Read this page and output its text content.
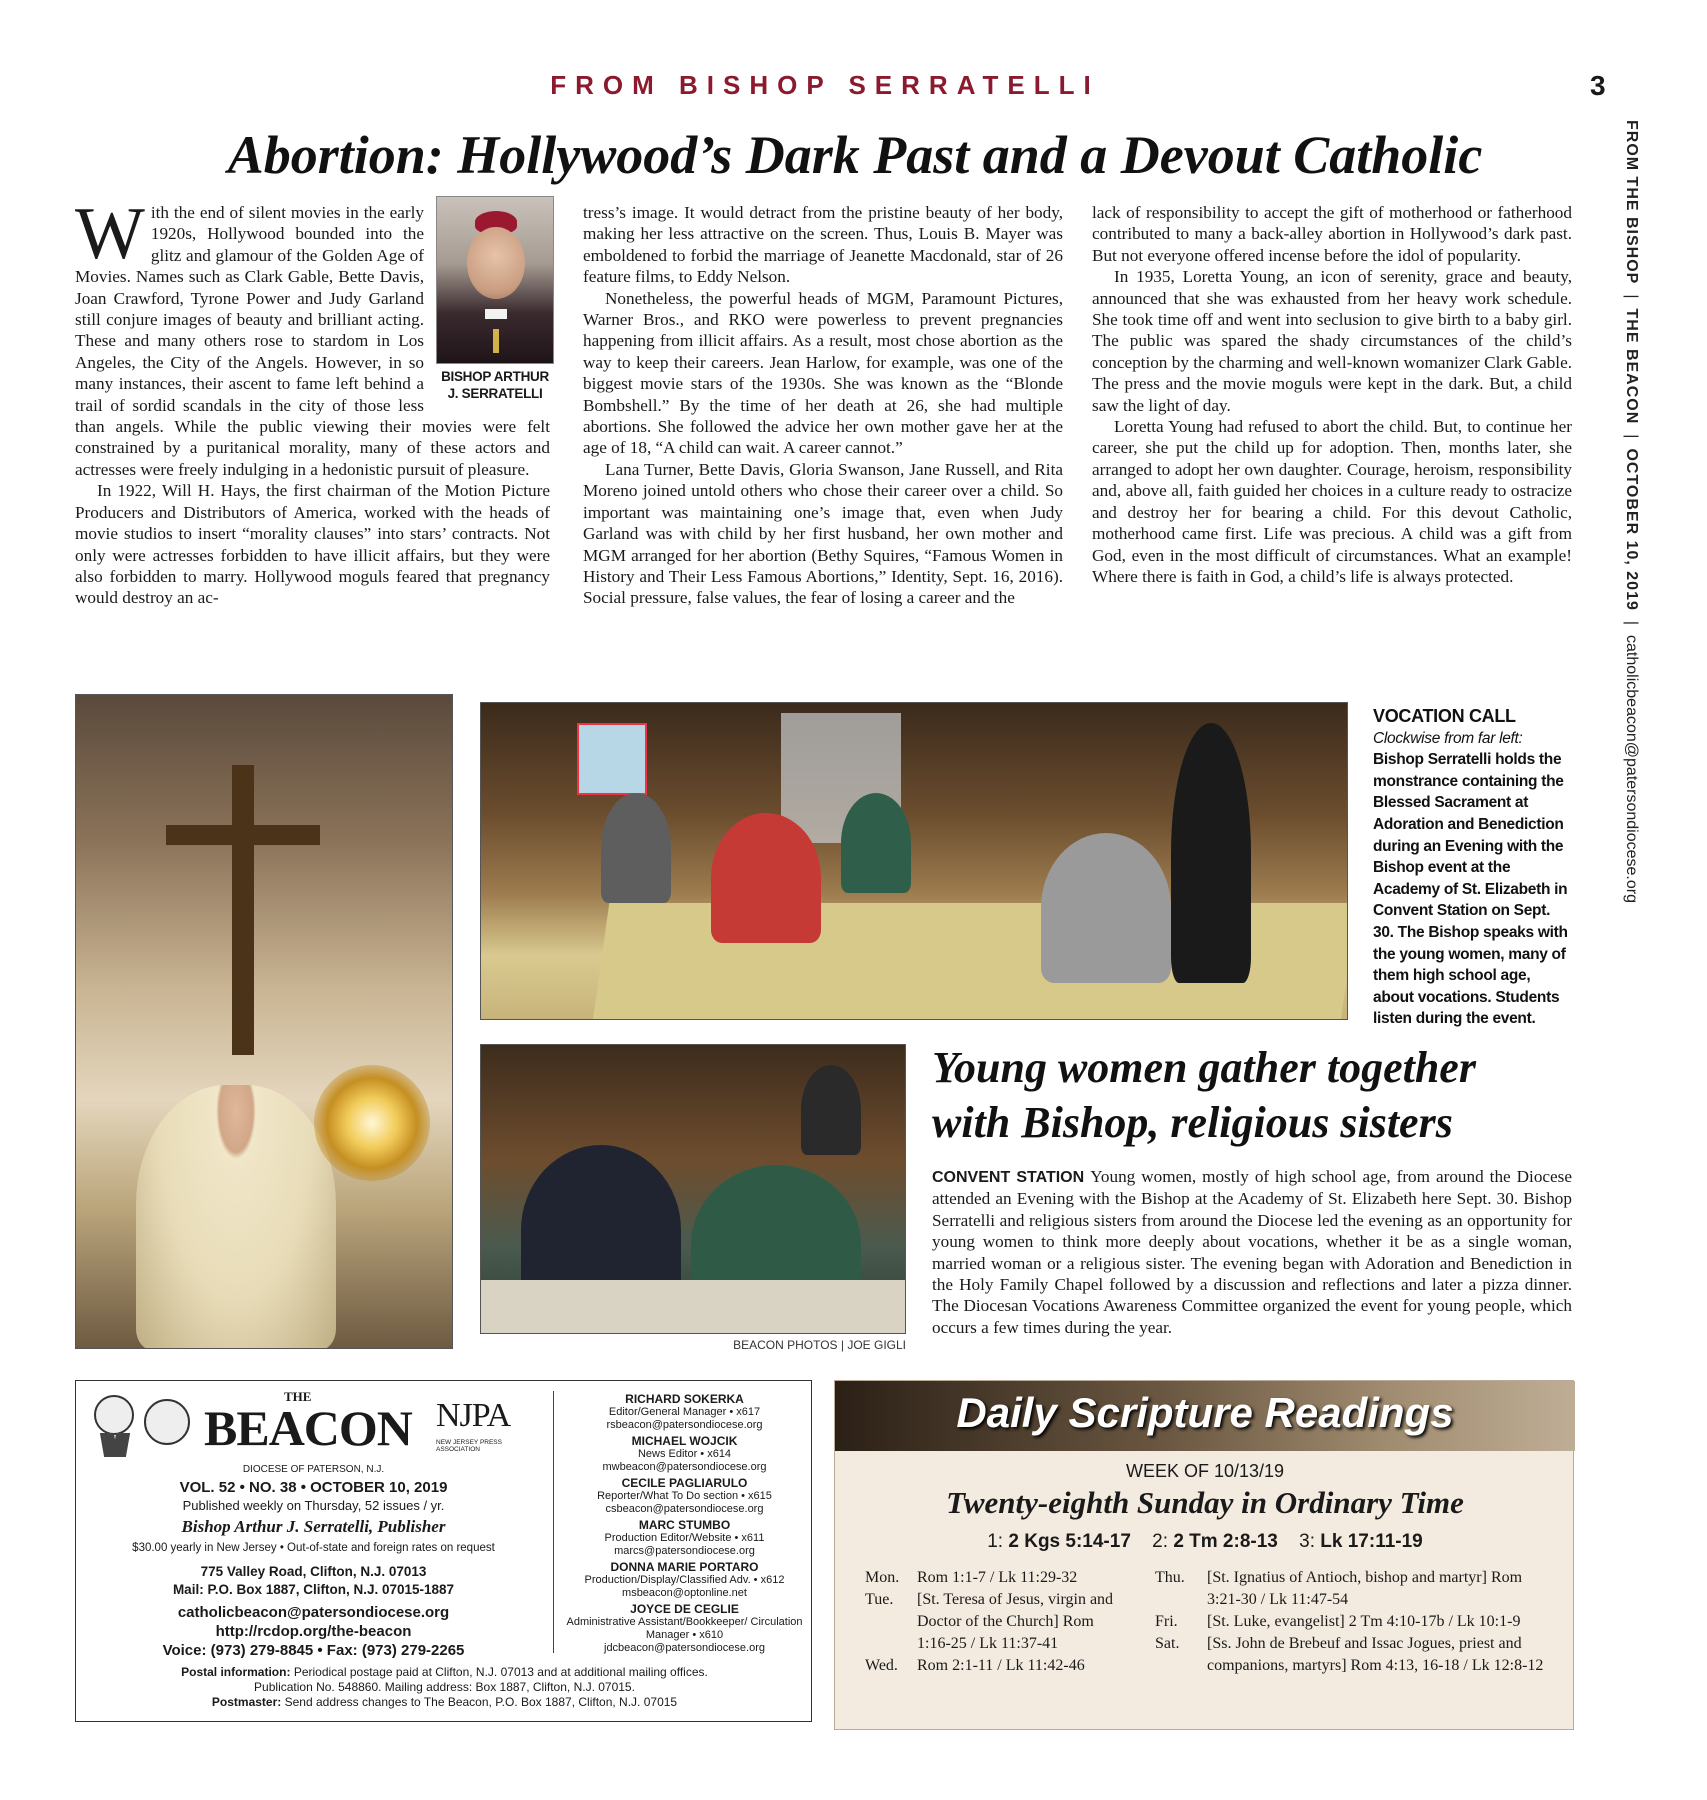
FROM BISHOP SERRATELLI	3
FROM THE BISHOP|THE BEACON|OCTOBER 10, 2019|catholicbeacon@patersondiocese.org
Abortion: Hollywood’s Dark Past and a Devout Catholic
BISHOP ARTHUR
J. SERRATELLI

With the end of silent movies in the early 1920s, Hollywood bounded into the glitz and glamour of the Golden Age of Movies. Names such as Clark Gable, Bette Davis, Joan Crawford, Tyrone Power and Judy Garland still conjure images of beauty and brilliant acting. These and many others rose to stardom in Los Angeles, the City of the Angels. However, in so many instances, their ascent to fame left behind a trail of sordid scandals in the city of those less than angels. While the public viewing their movies were felt constrained by a puritanical morality, many of these actors and actresses were freely indulging in a hedonistic pursuit of pleasure.

In 1922, Will H. Hays, the first chairman of the Motion Picture Producers and Distributors of America, worked with the heads of movie studios to insert “morality clauses” into stars’ contracts. Not only were actresses forbidden to have illicit affairs, but they were also forbidden to marry. Hollywood moguls feared that pregnancy would destroy an ac-

tress’s image. It would detract from the pristine beauty of her body, making her less attractive on the screen. Thus, Louis B. Mayer was emboldened to forbid the marriage of Jeanette Macdonald, star of 26 feature films, to Eddy Nelson.

Nonetheless, the powerful heads of MGM, Paramount Pictures, Warner Bros., and RKO were powerless to prevent pregnancies happening from illicit affairs. As a result, most chose abortion as the way to keep their careers. Jean Harlow, for example, was one of the biggest movie stars of the 1930s. She was known as the “Blonde Bombshell.” By the time of her death at 26, she had multiple abortions. She followed the advice her own mother gave her at the age of 18, “A child can wait. A career cannot.”

Lana Turner, Bette Davis, Gloria Swanson, Jane Russell, and Rita Moreno joined untold others who chose their career over a child. So important was maintaining one’s image that, even when Judy Garland was with child by her first husband, her own mother and MGM arranged for her abortion (Bethy Squires, “Famous Women in History and Their Less Famous Abortions,” Identity, Sept. 16, 2016). Social pressure, false values, the fear of losing a career and the

lack of responsibility to accept the gift of motherhood or fatherhood contributed to many a back-alley abortion in Hollywood’s dark past. But not everyone offered incense before the idol of popularity.

In 1935, Loretta Young, an icon of serenity, grace and beauty, announced that she was exhausted from her heavy work schedule. She took time off and went into seclusion to give birth to a baby girl. The public was spared the shady circumstances of the child’s conception by the charming and well-known womanizer Clark Gable. The press and the movie moguls were kept in the dark. But, a child saw the light of day.

Loretta Young had refused to abort the child. But, to continue her career, she put the child up for adoption. Then, months later, she arranged to adopt her own daughter. Courage, heroism, responsibility and, above all, faith guided her choices in a culture ready to ostracize and destroy her for bearing a child. For this devout Catholic, motherhood came first. Life was precious. A child was a gift from God, even in the most difficult of circumstances. What an example! Where there is faith in God, a child’s life is always protected.

BEACON PHOTOS | JOE GIGLI
VOCATION CALL
Clockwise from far left: Bishop Serratelli holds the monstrance containing the Blessed Sacrament at Adoration and Benediction during an Evening with the Bishop event at the Academy of St. Elizabeth in Convent Station on Sept. 30. The Bishop speaks with the young women, many of them high school age, about vocations. Students listen during the event.
Young women gather together
with Bishop, religious sisters

CONVENT STATION Young women, mostly of high school age, from around the Diocese attended an Evening with the Bishop at the Academy of St. Elizabeth here Sept. 30. Bishop Serratelli and religious sisters from around the Diocese led the evening as an opportunity for young women to think more deeply about vocations, whether it be as a single woman, married woman or a religious sister. The evening began with Adoration and Benediction in the Holy Family Chapel followed by a discussion and reflections and later a pizza dinner. The Diocesan Vocations Awareness Committee organized the event for young people, which occurs a few times during the year.

THE
BEACON NJPA
NEW JERSEY PRESS ASSOCIATION
DIOCESE OF PATERSON, N.J.
VOL. 52 • NO. 38 • OCTOBER 10, 2019
Published weekly on Thursday, 52 issues / yr.
Bishop Arthur J. Serratelli, Publisher
$30.00 yearly in New Jersey • Out-of-state and foreign rates on request
775 Valley Road, Clifton, N.J. 07013
Mail: P.O. Box 1887, Clifton, N.J. 07015-1887
catholicbeacon@patersondiocese.org
http://rcdop.org/the-beacon
Voice: (973) 279-8845 • Fax: (973) 279-2265
RICHARD SOKERKA
Editor/General Manager • x617
rsbeacon@patersondiocese.org
MICHAEL WOJCIK
News Editor • x614
mwbeacon@patersondiocese.org
CECILE PAGLIARULO
Reporter/What To Do section • x615
csbeacon@patersondiocese.org
MARC STUMBO
Production Editor/Website • x611
marcs@patersondiocese.org
DONNA MARIE PORTARO
Production/Display/Classified Adv. • x612
msbeacon@optonline.net
JOYCE DE CEGLIE
Administrative Assistant/Bookkeeper/ Circulation Manager • x610
jdcbeacon@patersondiocese.org
Postal information: Periodical postage paid at Clifton, N.J. 07013 and at additional mailing offices.
Publication No. 548860. Mailing address: Box 1887, Clifton, N.J. 07015.
Postmaster: Send address changes to The Beacon, P.O. Box 1887, Clifton, N.J. 07015
Daily Scripture Readings
WEEK OF 10/13/19
Twenty-eighth Sunday in Ordinary Time
1: 2 Kgs 5:14-17 2: 2 Tm 2:8-13 3: Lk 17:11-19
Mon.	Rom 1:1-7 / Lk 11:29-32
Tue.	[St. Teresa of Jesus, virgin and Doctor of the Church] Rom 1:16-25 / Lk 11:37-41
Wed.	Rom 2:1-11 / Lk 11:42-46
Thu.	[St. Ignatius of Antioch, bishop and martyr] Rom 3:21-30 / Lk 11:47-54
Fri.	[St. Luke, evangelist] 2 Tm 4:10-17b / Lk 10:1-9
Sat.	[Ss. John de Brebeuf and Issac Jogues, priest and companions, martyrs] Rom 4:13, 16-18 / Lk 12:8-12
